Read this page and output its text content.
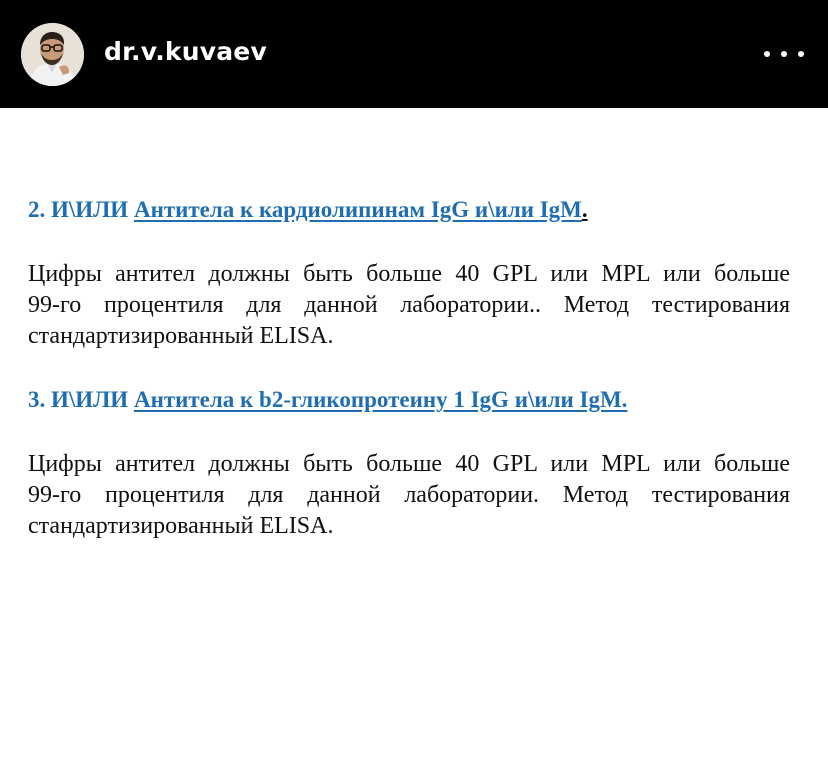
dr.v.kuvaev
2. И\ИЛИ Антитела к кардиолипинам IgG и\или IgM.
Цифры антител должны быть больше 40 GPL или MPL или больше
99-го процентиля для данной лаборатории.. Метод тестирования
стандартизированный ELISA.
3. И\ИЛИ Антитела к b2-гликопротеину 1 IgG и\или IgM.
Цифры антител должны быть больше 40 GPL или MPL или больше
99-го процентиля для данной лаборатории. Метод тестирования
стандартизированный ELISA.
